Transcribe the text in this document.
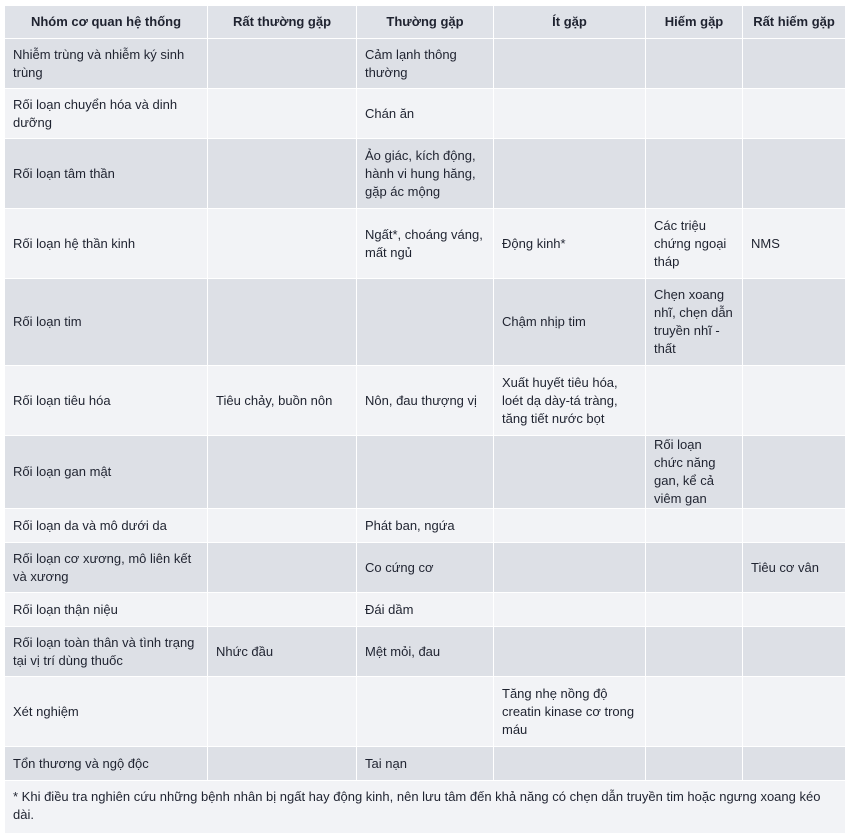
Nhóm cơ quan hệ thống	Rất thường gặp	Thường gặp	Ít gặp	Hiếm gặp	Rất hiếm gặp
Nhiễm trùng và nhiễm ký sinh trùng		Cảm lạnh thông thường			
Rối loạn chuyển hóa và dinh dưỡng		Chán ăn			
Rối loạn tâm thần		Ảo giác, kích động, hành vi hung hăng, gặp ác mộng			
Rối loạn hệ thần kinh		Ngất*, choáng váng, mất ngủ	Động kinh*	Các triệu chứng ngoại tháp	NMS
Rối loạn tim			Chậm nhịp tim	Chẹn xoang nhĩ, chẹn dẫn truyền nhĩ - thất	
Rối loạn tiêu hóa	Tiêu chảy, buồn nôn	Nôn, đau thượng vị	Xuất huyết tiêu hóa, loét dạ dày-tá tràng, tăng tiết nước bọt		
Rối loạn gan mật				Rối loạn chức năng gan, kể cả viêm gan	
Rối loạn da và mô dưới da		Phát ban, ngứa			
Rối loạn cơ xương, mô liên kết và xương		Co cứng cơ			Tiêu cơ vân
Rối loạn thận niệu		Đái dầm			
Rối loạn toàn thân và tình trạng tại vị trí dùng thuốc	Nhức đầu	Mệt mỏi, đau			
Xét nghiệm			Tăng nhẹ nồng độ creatin kinase cơ trong máu		
Tổn thương và ngộ độc		Tai nạn			
* Khi điều tra nghiên cứu những bệnh nhân bị ngất hay động kinh, nên lưu tâm đến khả năng có chẹn dẫn truyền tim hoặc ngưng xoang kéo dài.					
